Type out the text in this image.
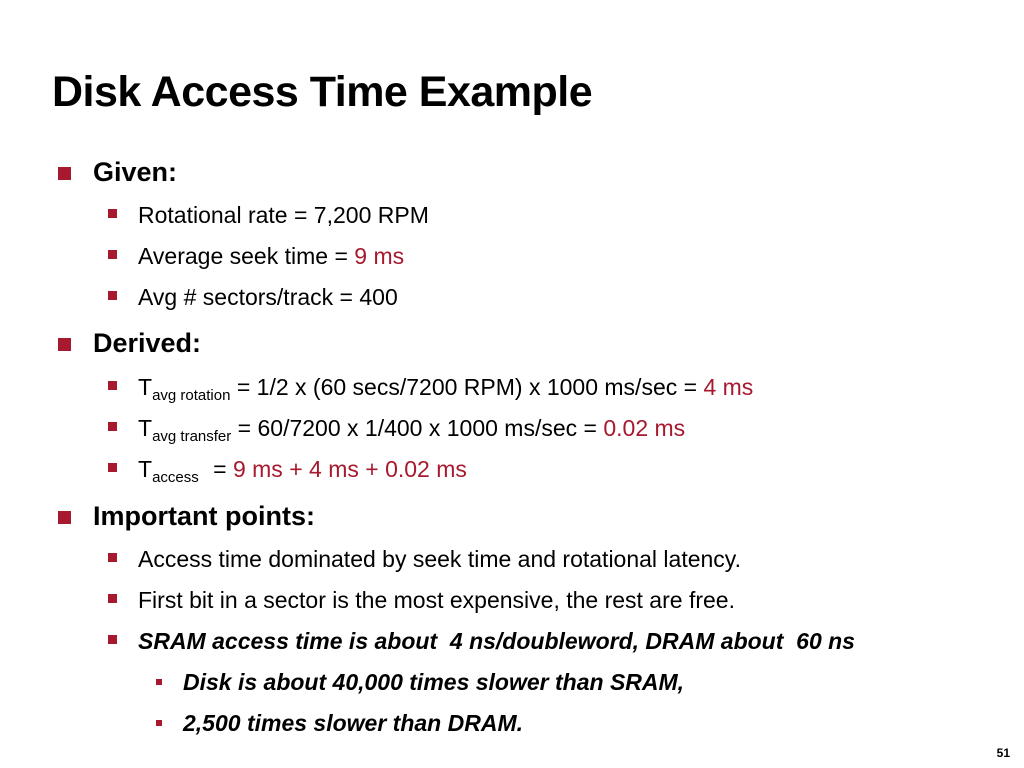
Disk Access Time Example
Given:
Rotational rate = 7,200 RPM
Average seek time = 9 ms
Avg # sectors/track = 400
Derived:
$T_{avg rotation} = 1/2$ x (60 secs/7200 RPM) x 1000 ms/sec = 4 ms
$T_{avg transfer} = 60/7200$ x 1/400 x 1000 ms/sec = 0.02 ms
$T_{access} = 9$ ms + 4 ms + 0.02 ms
Important points:
Access time dominated by seek time and rotational latency.
First bit in a sector is the most expensive, the rest are free.
SRAM access time is about  4 ns/doubleword, DRAM about  60 ns
Disk is about 40,000 times slower than SRAM,
2,500 times slower than DRAM.
51
